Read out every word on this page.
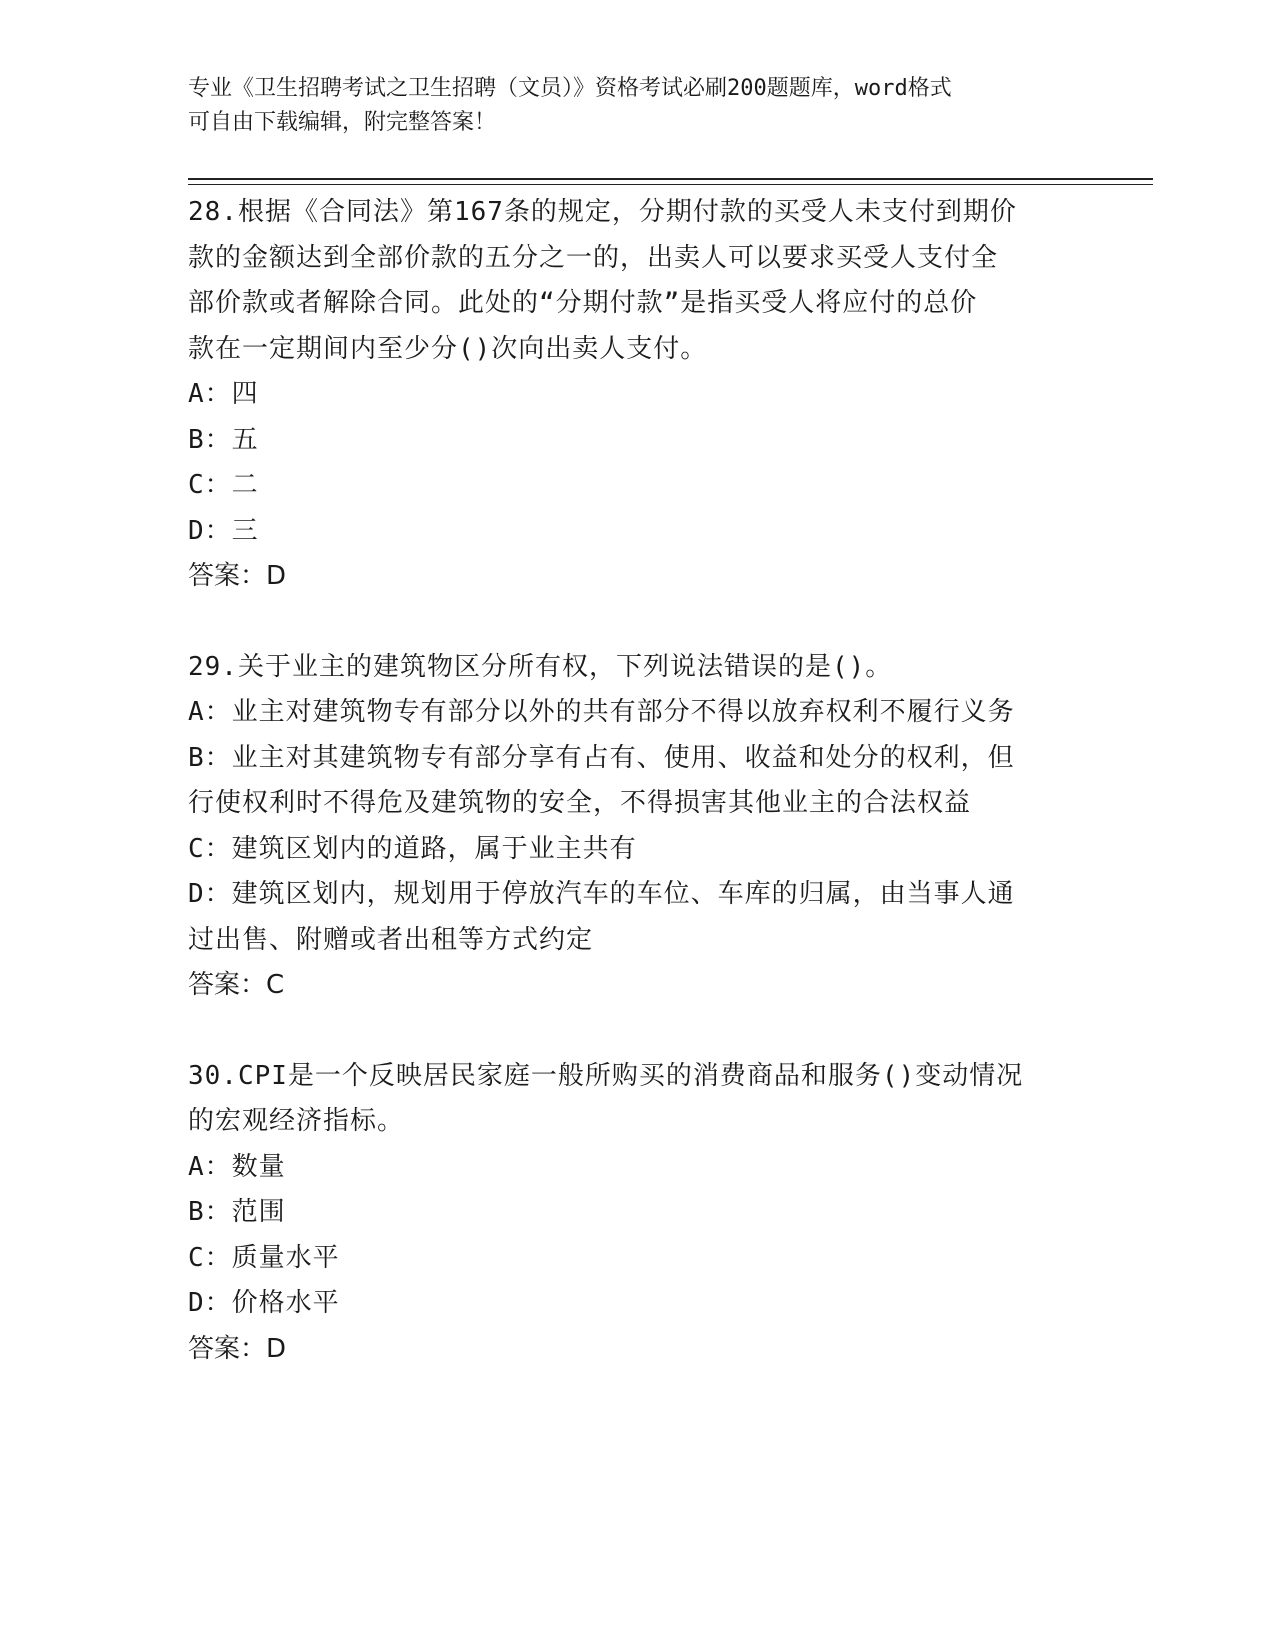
专业《卫生招聘考试之卫生招聘（文员）》资格考试必刷200题题库，word格式
可自由下载编辑，附完整答案！
28.根据《合同法》第167条的规定，分期付款的买受人未支付到期价
款的金额达到全部价款的五分之一的，出卖人可以要求买受人支付全
部价款或者解除合同。此处的“分期付款”是指买受人将应付的总价
款在一定期间内至少分()次向出卖人支付。
A：四
B：五
C：二
D：三
答案：D
29.关于业主的建筑物区分所有权，下列说法错误的是()。
A：业主对建筑物专有部分以外的共有部分不得以放弃权利不履行义务
B：业主对其建筑物专有部分享有占有、使用、收益和处分的权利，但
行使权利时不得危及建筑物的安全，不得损害其他业主的合法权益
C：建筑区划内的道路，属于业主共有
D：建筑区划内，规划用于停放汽车的车位、车库的归属，由当事人通
过出售、附赠或者出租等方式约定
答案：C
30.CPI是一个反映居民家庭一般所购买的消费商品和服务()变动情况
的宏观经济指标。
A：数量
B：范围
C：质量水平
D：价格水平
答案：D
